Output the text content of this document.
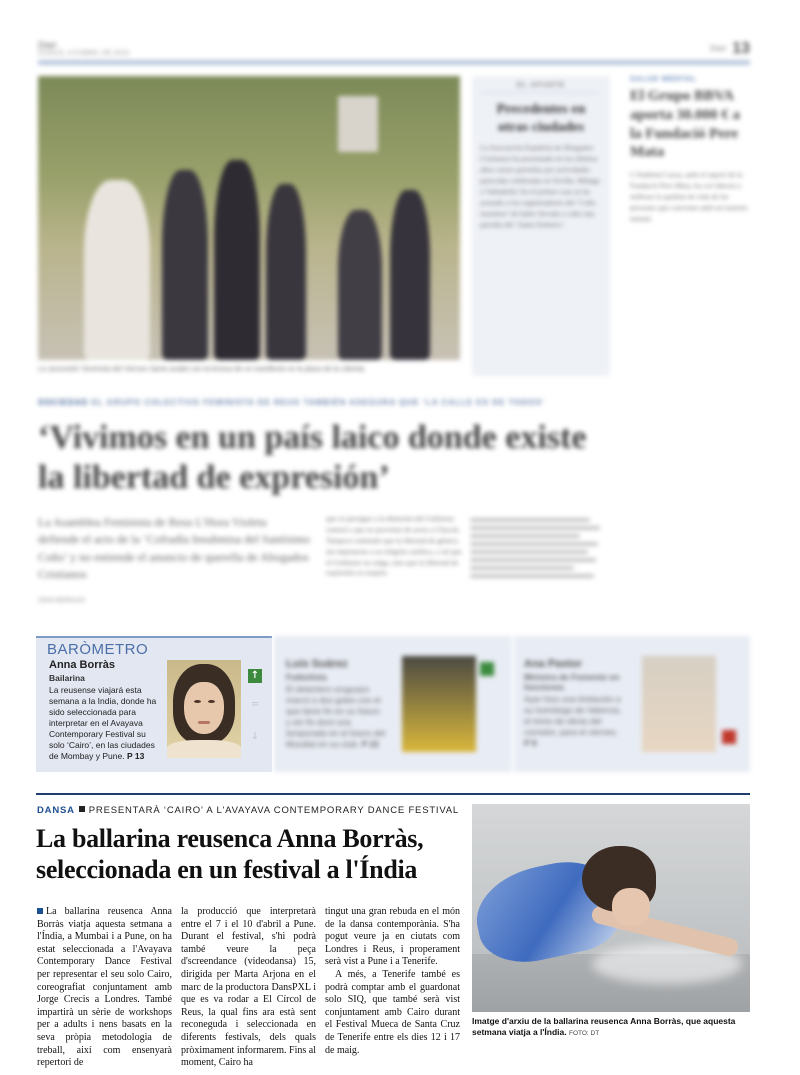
Diari
DIJOUS, 4 D'ABRIL DE 2019
Diari 13
La 'procesión' feminista del Viernes Santo acabó con la lectura de un manifiesto en la plaza de la Libertat.
EL APUNTE
Precedentes en otras ciudades
La Asociación Española de Abogados Cristianos ha presentado en los últimos años varias querellas por actividades parecidas celebradas en Sevilla, Málaga o Valladolid. En el primer caso se ha acusado a los organizadores del ‘Coño insumiso’ de haber llevado a cabo una parodia del ‘Santo Entierro’.
SALUD MENTAL
El Grupo BBVA aporta 30.000 € a la Fundació Pere Mata
L'Ambient Caixa, amb el suport de la Fundació Pere Mata, ha col·laborat a millorar la qualitat de vida de les persones que conviuen amb un trastorn mental.
SOCIEDAD EL GRUPO COLECTIVO FEMINISTA DE REUS TAMBIÉN ASEGURA QUE ‘LA CALLE ES DE TODOS’
‘Vivimos en un país laico donde existe la libertad de expresión’
La Asamblea Feminista de Reus L'Hora Violeta defiende el acto de la ‘Cofradía Insubmisa del Santísimo Coño’ y no entiende el anuncio de querella de Abogados Cristianos
JOAN MORALES
que se persigue a la dimisión del Gobierno central y que no proviene de actos a Chacón. Tampoco entiendo que la libertad de género, sin imponerse a su religión católica, y tal que el Gobierno no salga, sino que la libertad de expresión se respete.
BARÒMETRO
Anna Borràs
Bailarina
La reusense viajará esta semana a la India, donde ha sido seleccionada para interpretar en el Avayava Contemporary Festival su solo ‘Cairo’, en las ciudades de Mombay y Pune. P 13
↑
=
↓
Luis Suárez
Futbolista
El delantero uruguayo marcó a dos goles con el que tiene fin en su futuro y sin fin duró una temporada en el futuro del Mundial en su club. P 22
Ana Pastor
Ministra de Fomento en funciones
Ayer hizo una limitación a su homólogo de Valencia, el inicio de obras del corredor, para el viernes. P 8
DANSA PRESENTARÀ ‘CAIRO’ A L'AVAYAVA CONTEMPORARY DANCE FESTIVAL
La ballarina reusenca Anna Borràs, seleccionada en un festival a l'Índia
La ballarina reusenca Anna Borràs viatja aquesta setmana a l'Índia, a Mumbai i a Pune, on ha estat seleccionada a l'Avayava Contemporary Dance Festival per representar el seu solo Cairo, coreografiat conjuntament amb Jorge Crecis a Londres. També impartirà un sèrie de workshops per a adults i nens basats en la seva pròpia metodologia de treball, així com ensenyarà repertori de
la producció que interpretarà entre el 7 i el 10 d'abril a Pune. Durant el festival, s'hi podrà també veure la peça d'screendance (videodansa) 15, dirigida per Marta Arjona en el marc de la productora DansPXL i que es va rodar a El Círcol de Reus, la qual fins ara està sent reconeguda i seleccionada en diferents festivals, dels quals pròximament informarem. Fins al moment, Cairo ha
tingut una gran rebuda en el món de la dansa contemporània. S'ha pogut veure ja en ciutats com Londres i Reus, i properament serà vist a Pune i a Tenerife.
A més, a Tenerife també es podrà comptar amb el guardonat solo SIQ, que també serà vist conjuntament amb Cairo durant el Festival Mueca de Santa Cruz de Tenerife entre els dies 12 i 17 de maig.
Imatge d'arxiu de la ballarina reusenca Anna Borràs, que aquesta setmana viatja a l'Índia. FOTO: DT
